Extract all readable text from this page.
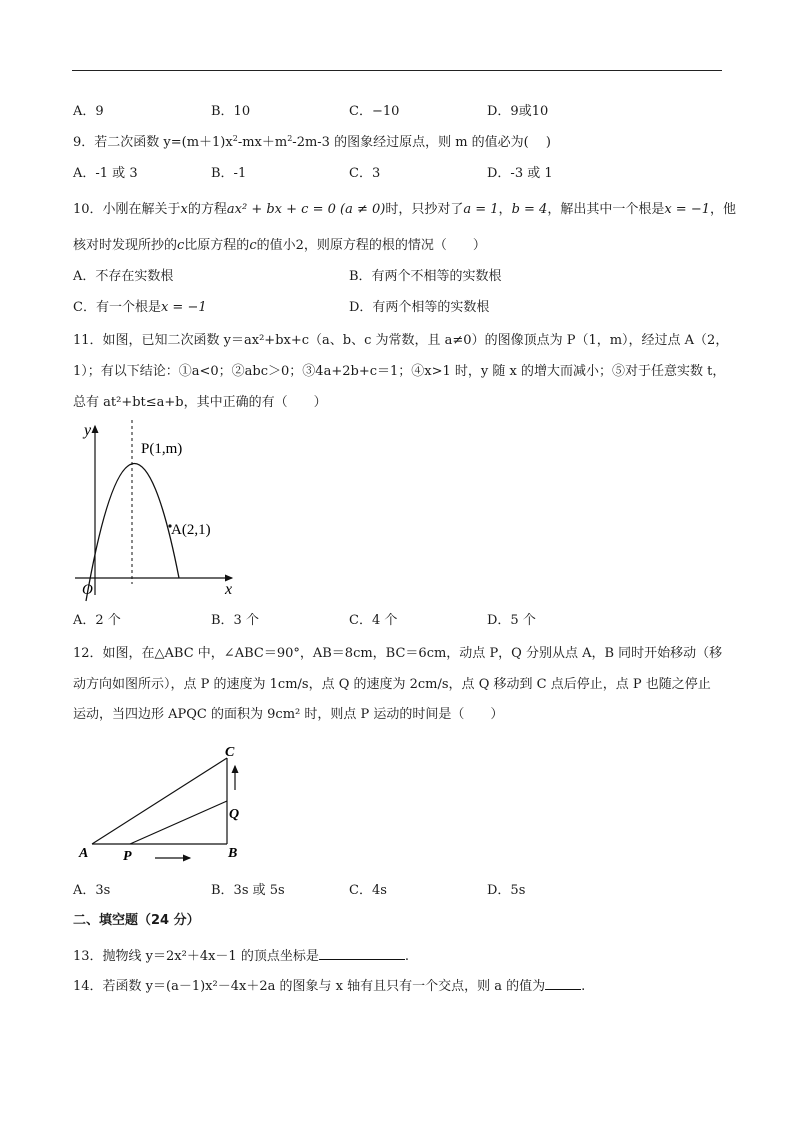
A．9	B．10	C．−10	D．9或10
9．若二次函数 $y=(m+1)x^2-mx+m^2-2m-3$ 的图象经过原点，则 m 的值必为(　 )
A．-1 或 3	B．-1	C．3	D．-3 或 1
10．小刚在解关于x的方程ax² + bx + c = 0 (a ≠ 0)时，只抄对了a = 1，b = 4，解出其中一个根是x = −1，他
核对时发现所抄的c比原方程的c的值小2，则原方程的根的情况（　　）
A．不存在实数根	B．有两个不相等的实数根
C．有一个根是x = −1	D．有两个相等的实数根
11．如图，已知二次函数 y＝ax²+bx+c（a、b、c 为常数，且 a≠0）的图像顶点为 P（1，m），经过点 A（2，
1）；有以下结论：①a<0；②abc＞0；③4a+2b+c＝1；④x>1 时，y 随 x 的增大而减小；⑤对于任意实数 t，
总有 at²+bt≤a+b，其中正确的有（　　）
y
x
O
P(1,m)
A(2,1)
A．2 个	B．3 个	C．4 个	D．5 个
12．如图，在△ABC 中，∠ABC＝90°，AB＝8cm，BC＝6cm，动点 P，Q 分别从点 A，B 同时开始移动（移
动方向如图所示），点 P 的速度为 1cm/s，点 Q 的速度为 2cm/s，点 Q 移动到 C 点后停止，点 P 也随之停止
运动，当四边形 APQC 的面积为 9cm² 时，则点 P 运动的时间是（　　）
A	B
C
P
Q
A．3s	B．3s 或 5s	C．4s	D．5s
二、填空题（24 分）
13．抛物线 y＝2x²＋4x－1 的顶点坐标是	.
14．若函数 y＝(a－1)x²－4x＋2a 的图象与 x 轴有且只有一个交点，则 a 的值为	.
